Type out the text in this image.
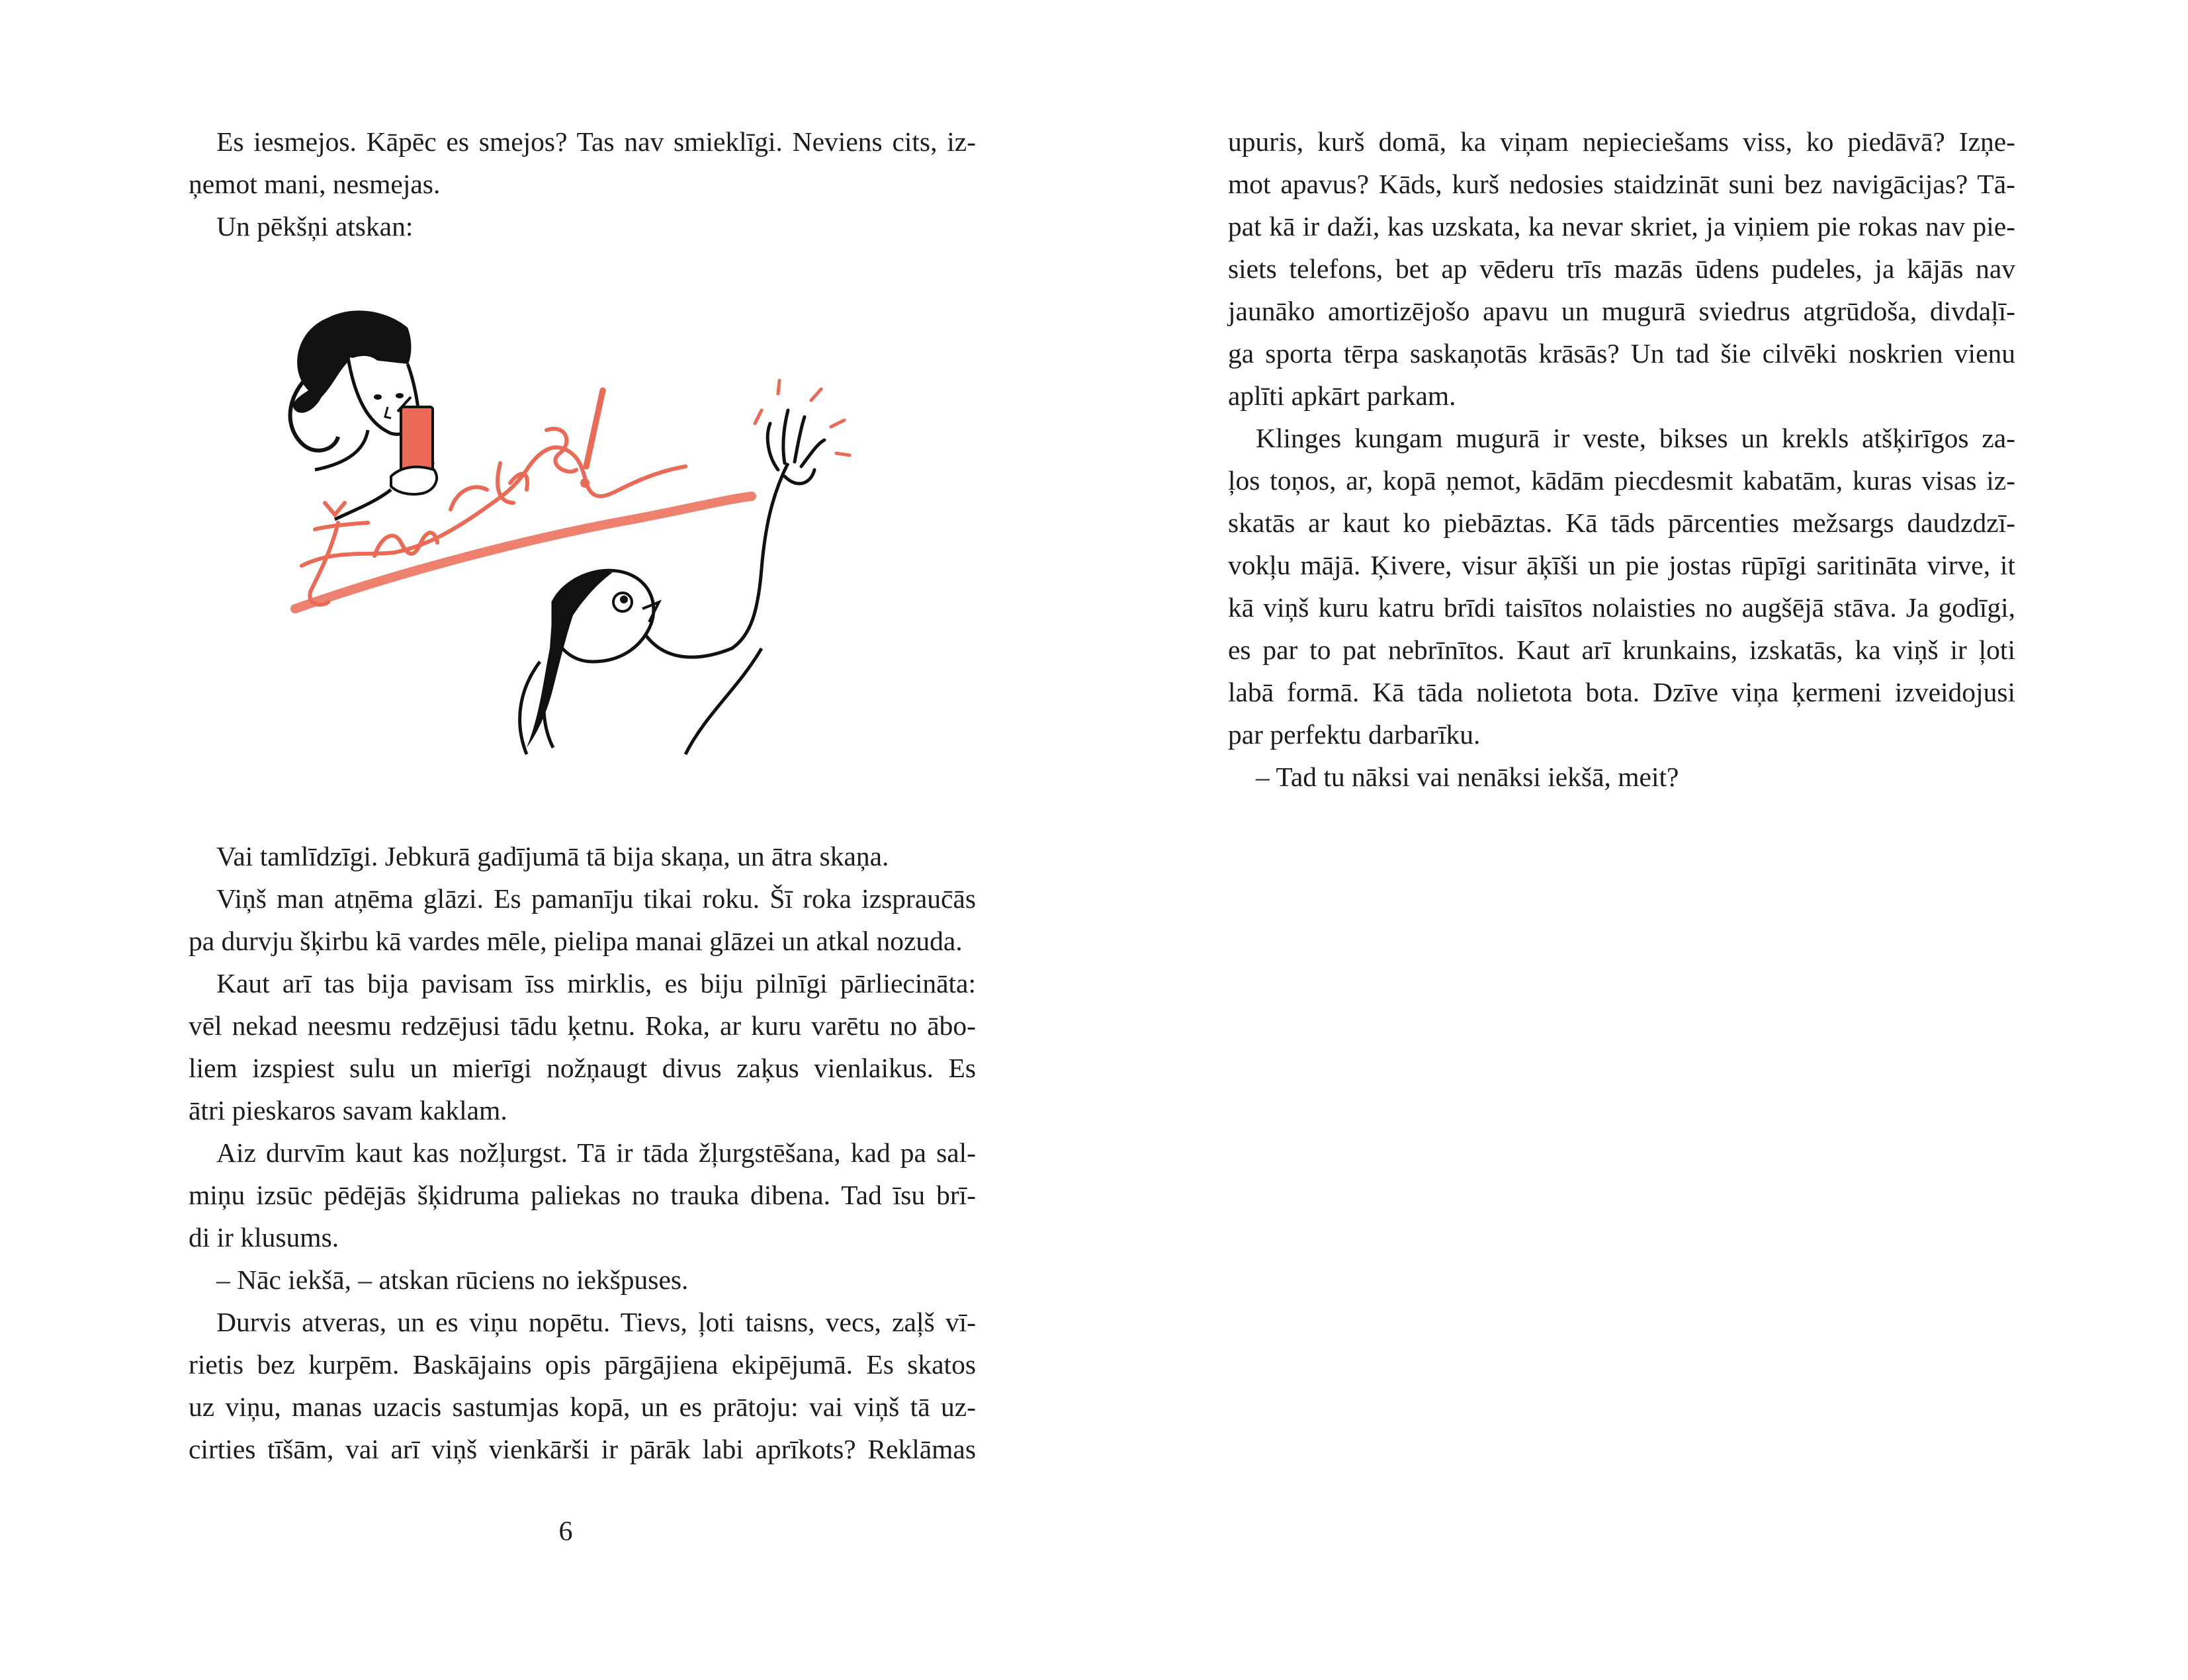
Es iesmejos. Kāpēc es smejos? Tas nav smieklīgi. Neviens cits, iz-
ņemot mani, nesmejas.
Un pēkšņi atskan:
Vai tamlīdzīgi. Jebkurā gadījumā tā bija skaņa, un ātra skaņa.
Viņš man atņēma glāzi. Es pamanīju tikai roku. Šī roka izsprauc̄ās
pa durvju šķirbu kā vardes mēle, pielipa manai glāzei un atkal nozuda.
Kaut arī tas bija pavisam īss mirklis, es biju pilnīgi pārliecināta:
vēl nekad neesmu redzējusi tādu ķetnu. Roka, ar kuru varētu no ābo-
liem izspiest sulu un mierīgi nožņaugt divus zaķus vienlaikus. Es
ātri pieskaros savam kaklam.
Aiz durvīm kaut kas nožļurgst. Tā ir tāda žļurgstēšana, kad pa sal-
miņu izsūc pēdējās šķidruma paliekas no trauka dibena. Tad īsu brī-
di ir klusums.
– Nāc iekšā, – atskan rūciens no iekšpuses.
Durvis atveras, un es viņu nopētu. Tievs, ļoti taisns, vecs, zaļš vī-
rietis bez kurpēm. Baskājains opis pārgājiena ekipējumā. Es skatos
uz viņu, manas uzacis sastumjas kopā, un es prātoju: vai viņš tā uz-
cirties tīšām, vai arī viņš vienkārši ir pārāk labi aprīkots? Reklāmas
6
upuris, kurš domā, ka viņam nepieciešams viss, ko piedāvā? Izņe-
mot apavus? Kāds, kurš nedosies staidzināt suni bez navigācijas? Tā-
pat kā ir daži, kas uzskata, ka nevar skriet, ja viņiem pie rokas nav pie-
siets telefons, bet ap vēderu trīs mazās ūdens pudeles, ja kājās nav
jaunāko amortizējošo apavu un mugurā sviedrus atgrūdoša, divdaļī-
ga sporta tērpa saskaņotās krāsās? Un tad šie cilvēki noskrien vienu
aplīti apkārt parkam.
Klinges kungam mugurā ir veste, bikses un krekls atšķirīgos za-
ļos toņos, ar, kopā ņemot, kādām piecdesmit kabatām, kuras visas iz-
skatās ar kaut ko piebāztas. Kā tāds pārcenties mežsargs daudzdzī-
vokļu mājā. Ķivere, visur āķīši un pie jostas rūpīgi saritināta virve, it
kā viņš kuru katru brīdi taisītos nolaisties no augšējā stāva. Ja godīgi,
es par to pat nebrīnītos. Kaut arī krunkains, izskatās, ka viņš ir ļoti
labā formā. Kā tāda nolietota bota. Dzīve viņa ķermeni izveidojusi
par perfektu darbarīku.
– Tad tu nāksi vai nenāksi iekšā, meit?
